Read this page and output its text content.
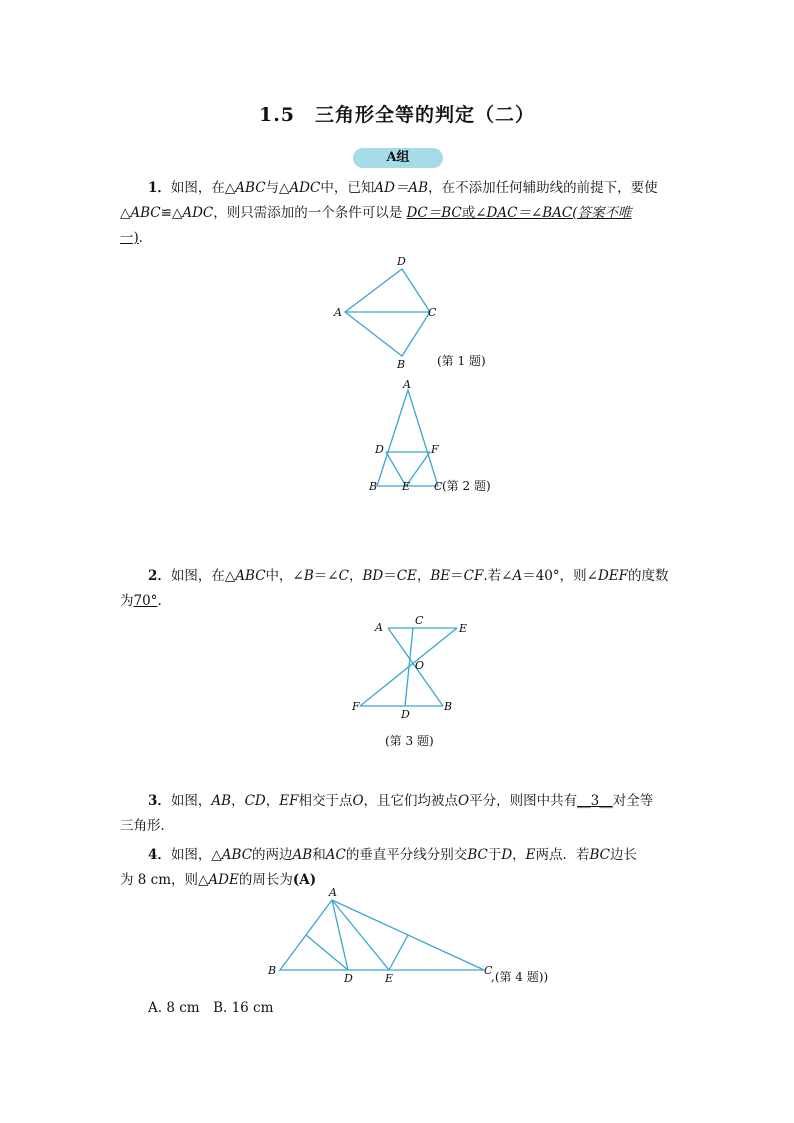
1.5　三角形全等的判定（二）
A组
1．如图，在△ABC与△ADC中，已知AD＝AB，在不添加任何辅助线的前提下，要使
△ABC≌△ADC，则只需添加的一个条件可以是 DC＝BC或∠DAC＝∠BAC(答案不唯
一)．
A
D
C
B	(第 1 题)
A
D	F
B E C (第 2 题)
2．如图，在△ABC中，∠B＝∠C，BD＝CE，BE＝CF.若∠A＝40°，则∠DEF的度数
为70°.
A
C
E
O
F
D
B
(第 3 题)
3．如图，AB，CD，EF相交于点O，且它们均被点O平分，则图中共有__3__对全等
三角形．
4．如图，△ABC的两边AB和AC的垂直平分线分别交BC于D，E两点．若BC边长
为 8 cm，则△ADE的周长为(A)
A
B
D	E
C
,(第 4 题))
A. 8 cm　B. 16 cm
